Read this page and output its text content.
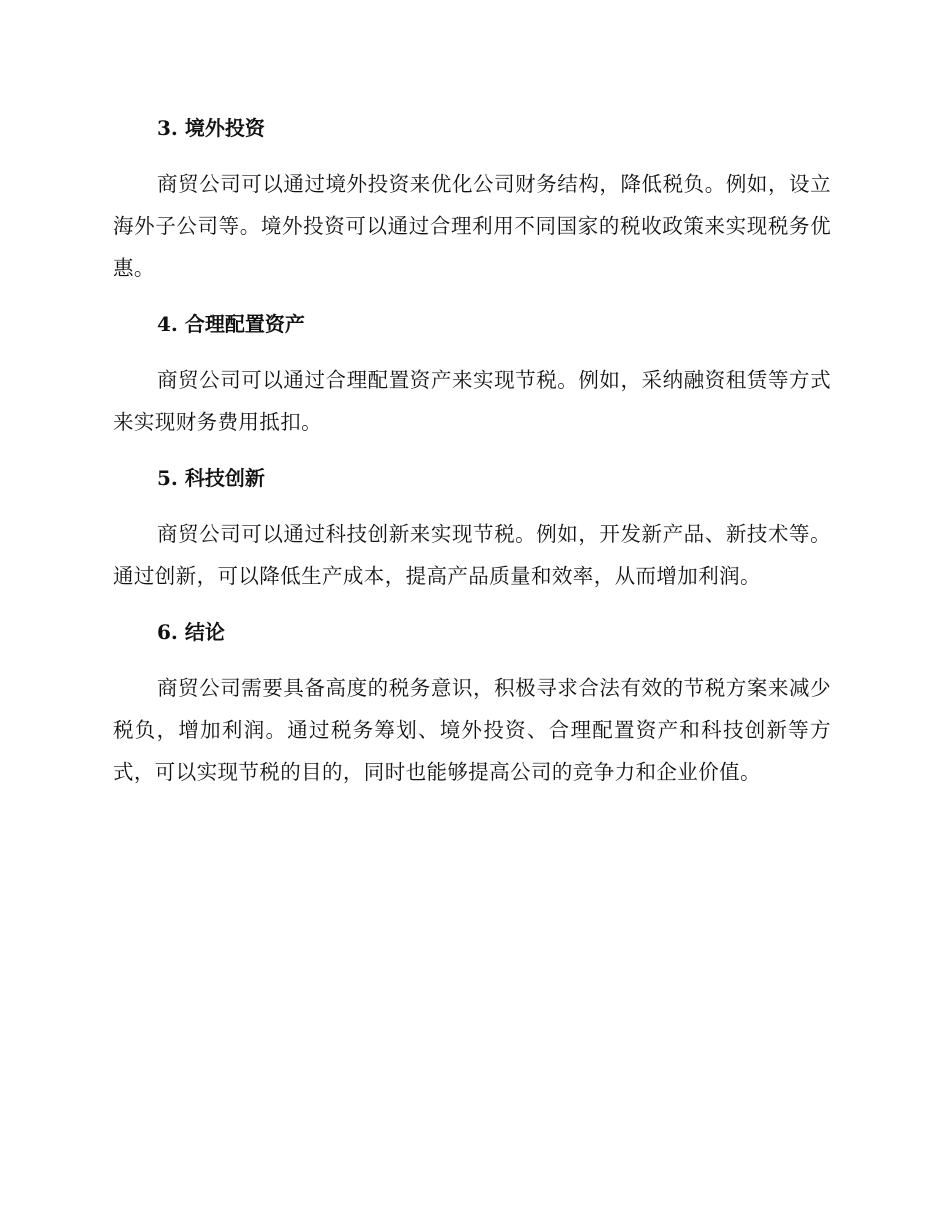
3. 境外投资

商贸公司可以通过境外投资来优化公司财务结构，降低税负。例如，设立海外子公司等。境外投资可以通过合理利用不同国家的税收政策来实现税务优惠。

4. 合理配置资产

商贸公司可以通过合理配置资产来实现节税。例如，采纳融资租赁等方式来实现财务费用抵扣。

5. 科技创新

商贸公司可以通过科技创新来实现节税。例如，开发新产品、新技术等。通过创新，可以降低生产成本，提高产品质量和效率，从而增加利润。

6. 结论

商贸公司需要具备高度的税务意识，积极寻求合法有效的节税方案来减少税负，增加利润。通过税务筹划、境外投资、合理配置资产和科技创新等方式，可以实现节税的目的，同时也能够提高公司的竞争力和企业价值。
